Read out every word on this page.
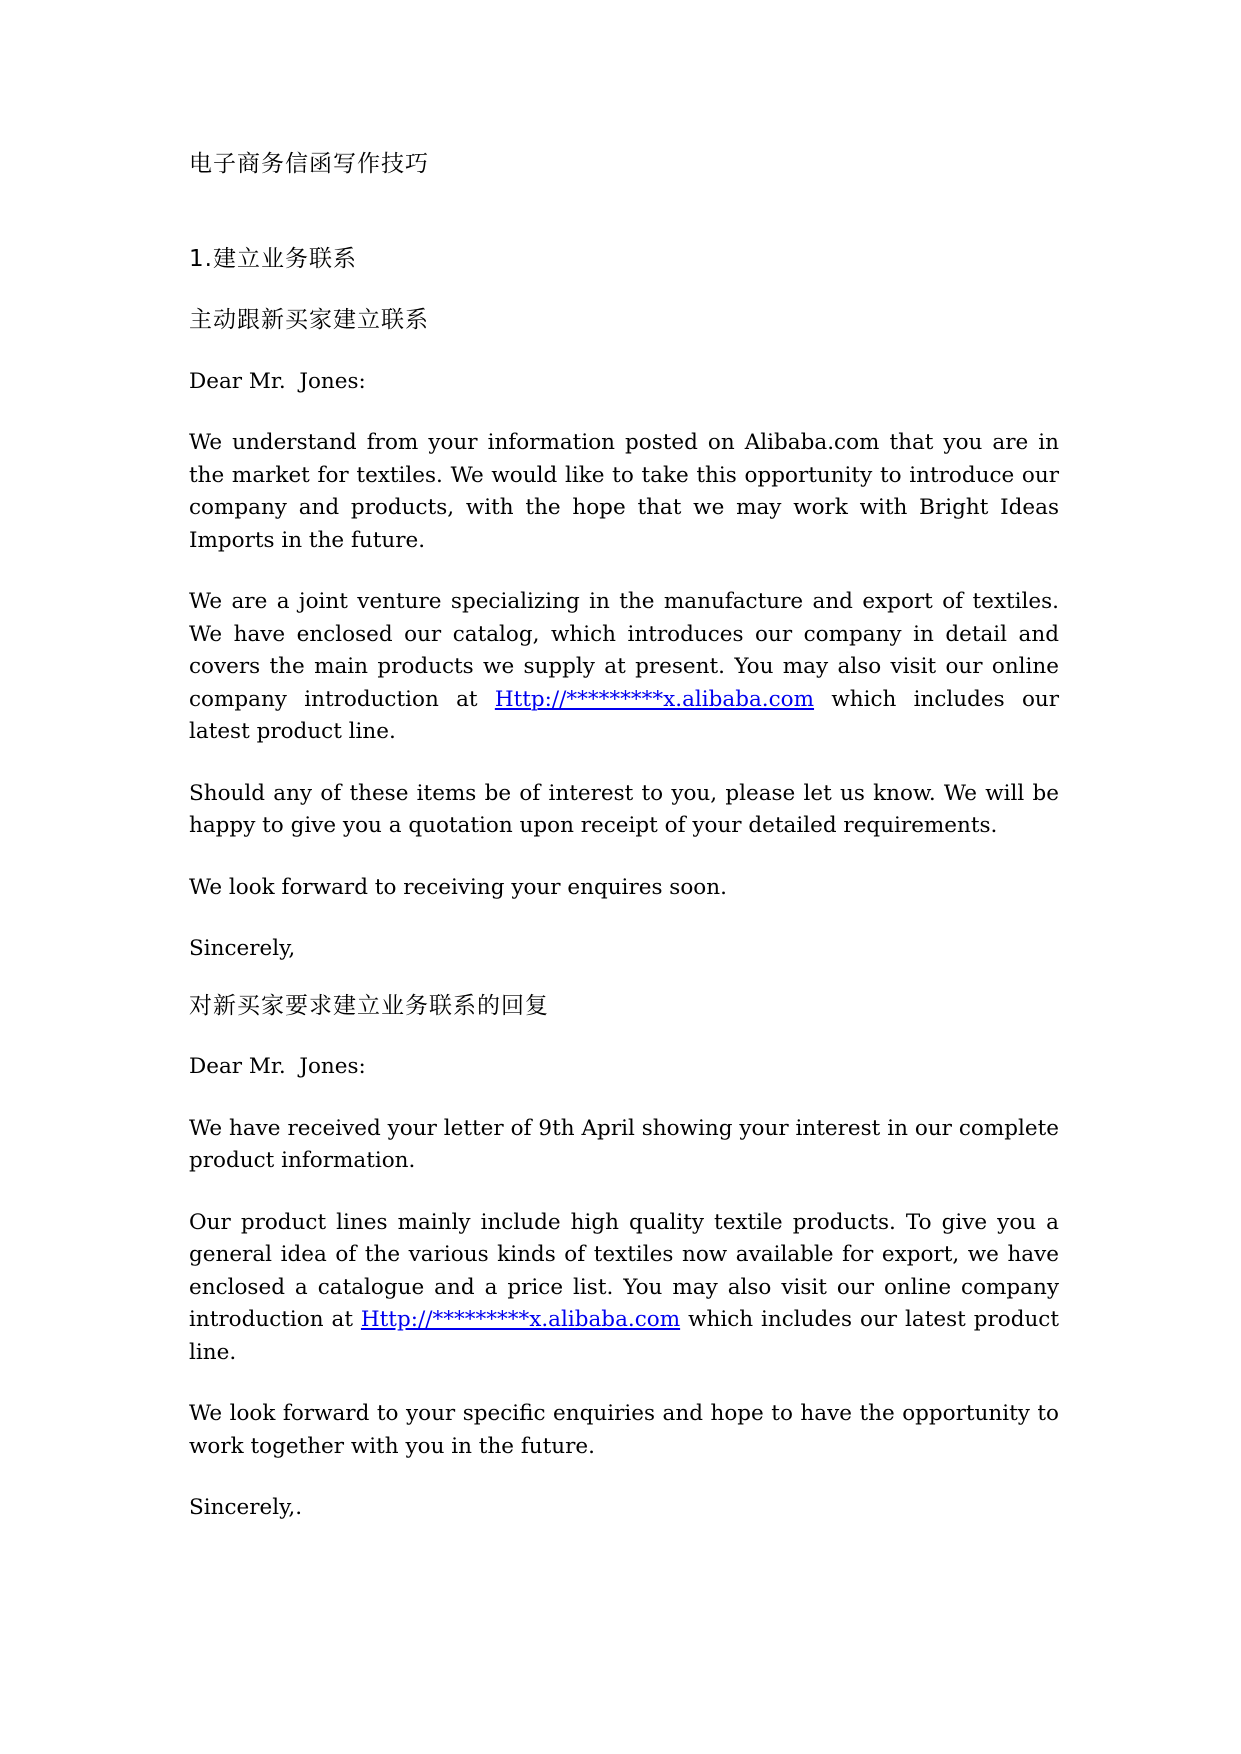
电子商务信函写作技巧
1.建立业务联系
主动跟新买家建立联系
Dear Mr.  Jones:
We understand from your information posted on Alibaba.com that you are in the market for textiles. We would like to take this opportunity to introduce our company and products, with the hope that we may work with Bright Ideas Imports in the future.
We are a joint venture specializing in the manufacture and export of textiles. We have enclosed our catalog, which introduces our company in detail and covers the main products we supply at present. You may also visit our online company introduction at Http://*********x.alibaba.com which includes our latest product line.
Should any of these items be of interest to you, please let us know. We will be happy to give you a quotation upon receipt of your detailed requirements.
We look forward to receiving your enquires soon.
Sincerely,
对新买家要求建立业务联系的回复
Dear Mr.  Jones:
We have received your letter of 9th April showing your interest in our complete product information.
Our product lines mainly include high quality textile products. To give you a general idea of the various kinds of textiles now available for export, we have enclosed a catalogue and a price list. You may also visit our online company introduction at Http://*********x.alibaba.com which includes our latest product line.
We look forward to your specific enquiries and hope to have the opportunity to work together with you in the future.
Sincerely,.
